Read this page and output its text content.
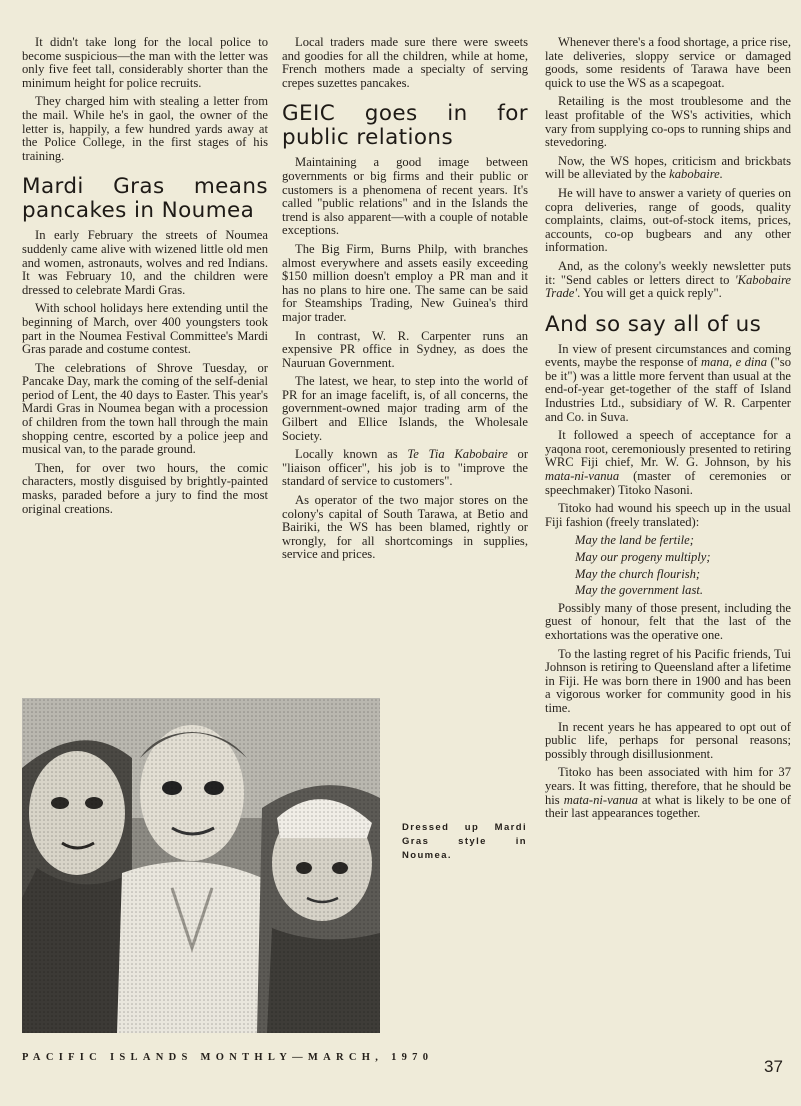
It didn't take long for the local police to become suspicious—the man with the letter was only five feet tall, considerably shorter than the minimum height for police recruits.

They charged him with stealing a letter from the mail. While he's in gaol, the owner of the letter is, happily, a few hundred yards away at the Police College, in the first stages of his training.

Mardi Gras means pancakes in Noumea

In early February the streets of Noumea suddenly came alive with wizened little old men and women, astronauts, wolves and red Indians. It was February 10, and the children were dressed to celebrate Mardi Gras.

With school holidays here extending until the beginning of March, over 400 youngsters took part in the Noumea Festival Committee's Mardi Gras parade and costume contest.

The celebrations of Shrove Tuesday, or Pancake Day, mark the coming of the self-denial period of Lent, the 40 days to Easter. This year's Mardi Gras in Noumea began with a procession of children from the town hall through the main shopping centre, escorted by a police jeep and musical van, to the parade ground.

Then, for over two hours, the comic characters, mostly disguised by brightly-painted masks, paraded before a jury to find the most original creations.

Local traders made sure there were sweets and goodies for all the children, while at home, French mothers made a specialty of serving crepes suzettes pancakes.

GEIC goes in for public relations

Maintaining a good image between governments or big firms and their public or customers is a phenomena of recent years. It's called "public relations" and in the Islands the trend is also apparent—with a couple of notable exceptions.

The Big Firm, Burns Philp, with branches almost everywhere and assets easily exceeding $150 million doesn't employ a PR man and it has no plans to hire one. The same can be said for Steamships Trading, New Guinea's third major trader.

In contrast, W. R. Carpenter runs an expensive PR office in Sydney, as does the Nauruan Government.

The latest, we hear, to step into the world of PR for an image facelift, is, of all concerns, the government-owned major trading arm of the Gilbert and Ellice Islands, the Wholesale Society.

Locally known as Te Tia Kabobaire or "liaison officer", his job is to "improve the standard of service to customers".

As operator of the two major stores on the colony's capital of South Tarawa, at Betio and Bairiki, the WS has been blamed, rightly or wrongly, for all shortcomings in supplies, service and prices.

Whenever there's a food shortage, a price rise, late deliveries, sloppy service or damaged goods, some residents of Tarawa have been quick to use the WS as a scapegoat.

Retailing is the most troublesome and the least profitable of the WS's activities, which vary from supplying co-ops to running ships and stevedoring.

Now, the WS hopes, criticism and brickbats will be alleviated by the kabobaire.

He will have to answer a variety of queries on copra deliveries, range of goods, quality complaints, claims, out-of-stock items, prices, accounts, co-op bugbears and any other information.

And, as the colony's weekly newsletter puts it: "Send cables or letters direct to 'Kabobaire Trade'. You will get a quick reply".

And so say all of us

In view of present circumstances and coming events, maybe the response of mana, e dina ("so be it") was a little more fervent than usual at the end-of-year get-together of the staff of Island Industries Ltd., subsidiary of W. R. Carpenter and Co. in Suva.

It followed a speech of acceptance for a yaqona root, ceremoniously presented to retiring WRC Fiji chief, Mr. W. G. Johnson, by his mata-ni-vanua (master of ceremonies or speechmaker) Titoko Nasoni.

Titoko had wound his speech up in the usual Fiji fashion (freely translated):

May the land be fertile;
May our progeny multiply;
May the church flourish;
May the government last.

Possibly many of those present, including the guest of honour, felt that the last of the exhortations was the operative one.

To the lasting regret of his Pacific friends, Tui Johnson is retiring to Queensland after a lifetime in Fiji. He was born there in 1900 and has been a vigorous worker for community good in his time.

In recent years he has appeared to opt out of public life, perhaps for personal reasons; possibly through disillusionment.

Titoko has been associated with him for 37 years. It was fitting, therefore, that he should be his mata-ni-vanua at what is likely to be one of their last appearances together.

Dressed up Mardi Gras style in Noumea.
PACIFIC ISLANDS MONTHLY—MARCH, 1970	37
